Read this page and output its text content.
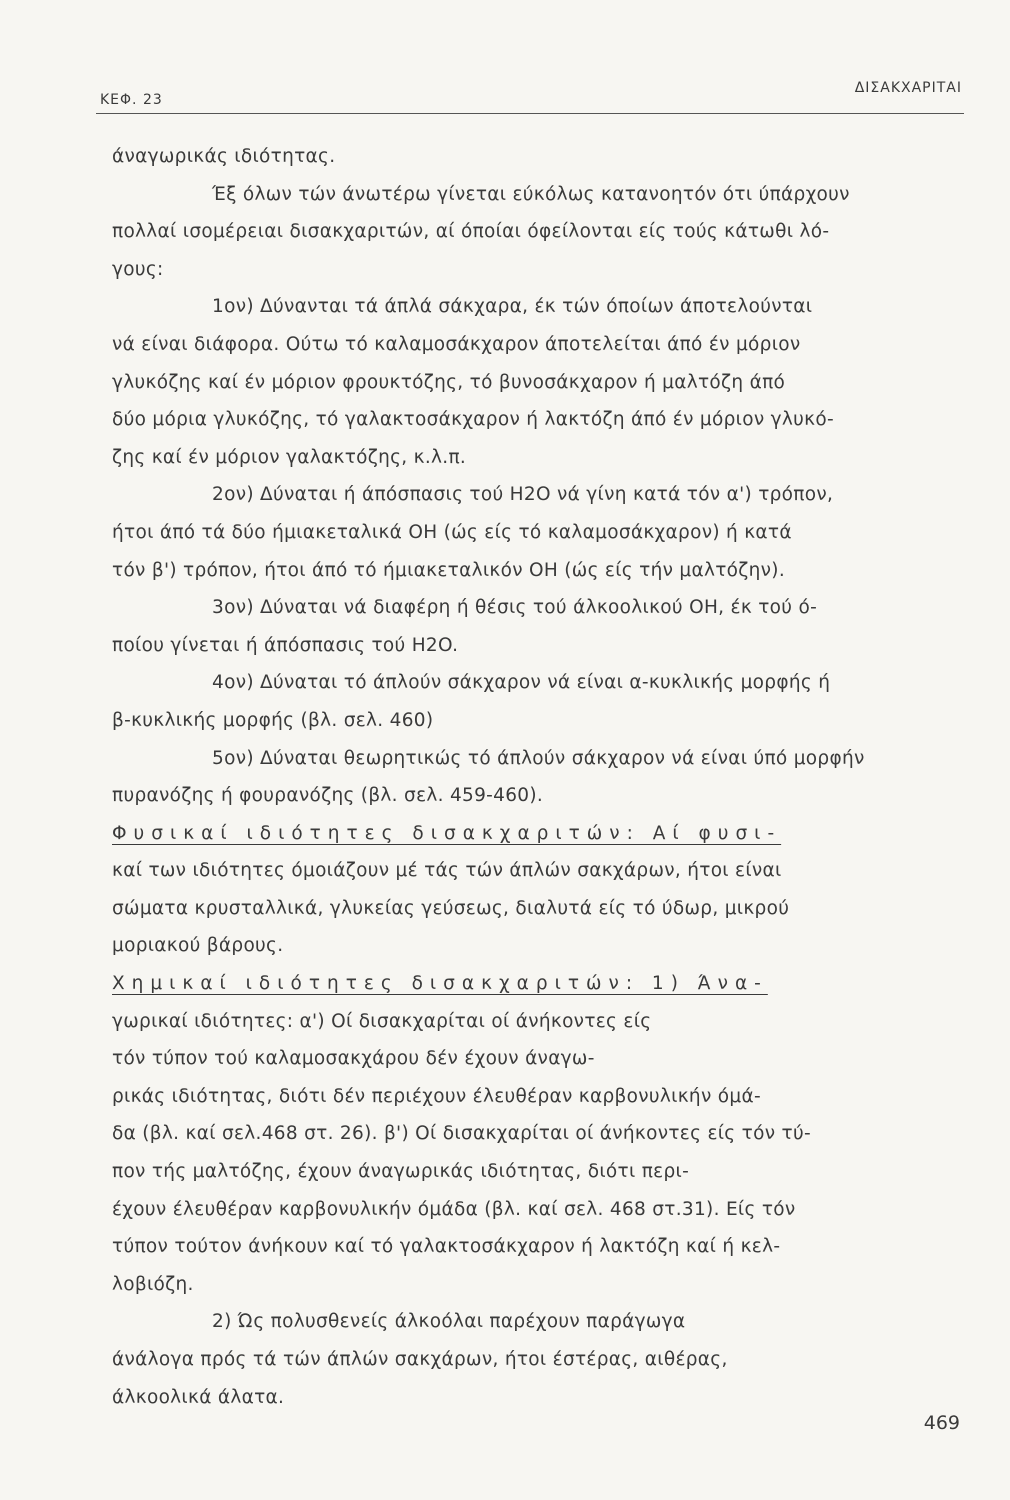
ΚΕΦ. 23
ΔΙΣΑΚΧΑΡΙΤΑΙ
άναγωρικάς ιδιότητας.
Έξ όλων τών άνωτέρω γίνεται εύκόλως κατανοητόν ότι ύπάρχουν
πολλαί ισομέρειαι δισακχαριτών, αί όποίαι όφείλονται είς τούς κάτωθι λό-
γους:
1ον) Δύνανται τά άπλά σάκχαρα, έκ τών όποίων άποτελούνται
νά είναι διάφορα. Ούτω τό καλαμοσάκχαρον άποτελείται άπό έν μόριον
γλυκόζης καί έν μόριον φρουκτόζης, τό βυνοσάκχαρον ή μαλτόζη άπό
δύο μόρια γλυκόζης, τό γαλακτοσάκχαρον ή λακτόζη άπό έν μόριον γλυκό-
ζης καί έν μόριον γαλακτόζης, κ.λ.π.
2ον) Δύναται ή άπόσπασις τού H2O νά γίνη κατά τόν α') τρόπον,
ήτοι άπό τά δύο ήμιακεταλικά OH (ώς είς τό καλαμοσάκχαρον) ή κατά
τόν β') τρόπον, ήτοι άπό τό ήμιακεταλικόν OH (ώς είς τήν μαλτόζην).
3ον) Δύναται νά διαφέρη ή θέσις τού άλκοολικού OH, έκ τού ό-
ποίου γίνεται ή άπόσπασις τού H2O.
4ον) Δύναται τό άπλούν σάκχαρον νά είναι α-κυκλικής μορφής ή
β-κυκλικής μορφής (βλ. σελ. 460)
5ον) Δύναται θεωρητικώς τό άπλούν σάκχαρον νά είναι ύπό μορφήν
πυρανόζης ή φουρανόζης (βλ. σελ. 459-460).
Φυσικαί ιδιότητες δισακχαριτών: Αί φυσι-
καί των ιδιότητες όμοιάζουν μέ τάς τών άπλών σακχάρων, ήτοι είναι
σώματα κρυσταλλικά, γλυκείας γεύσεως, διαλυτά είς τό ύδωρ, μικρού
μοριακού βάρους.
Χημικαί ιδιότητες δισακχαριτών: 1) Άνα-
γωρικαί ιδιότητες: α') Οί δισακχαρίται οί άνήκοντες είς
τόν τύπον τού καλαμοσακχάρου δέν έχουν άναγω-
ρικάς ιδιότητας, διότι δέν περιέχουν έλευθέραν καρβονυλικήν όμά-
δα (βλ. καί σελ.468 στ. 26). β') Οί δισακχαρίται οί άνήκοντες είς τόν τύ-
πον τής μαλτόζης, έχουν άναγωρικάς ιδιότητας, διότι περι-
έχουν έλευθέραν καρβονυλικήν όμάδα (βλ. καί σελ. 468 στ.31). Είς τόν
τύπον τούτον άνήκουν καί τό γαλακτοσάκχαρον ή λακτόζη καί ή κελ-
λοβιόζη.
2) Ώς πολυσθενείς άλκοόλαι παρέχουν παράγωγα
άνάλογα πρός τά τών άπλών σακχάρων, ήτοι έστέρας, αιθέρας,
άλκοολικά άλατα.
469
